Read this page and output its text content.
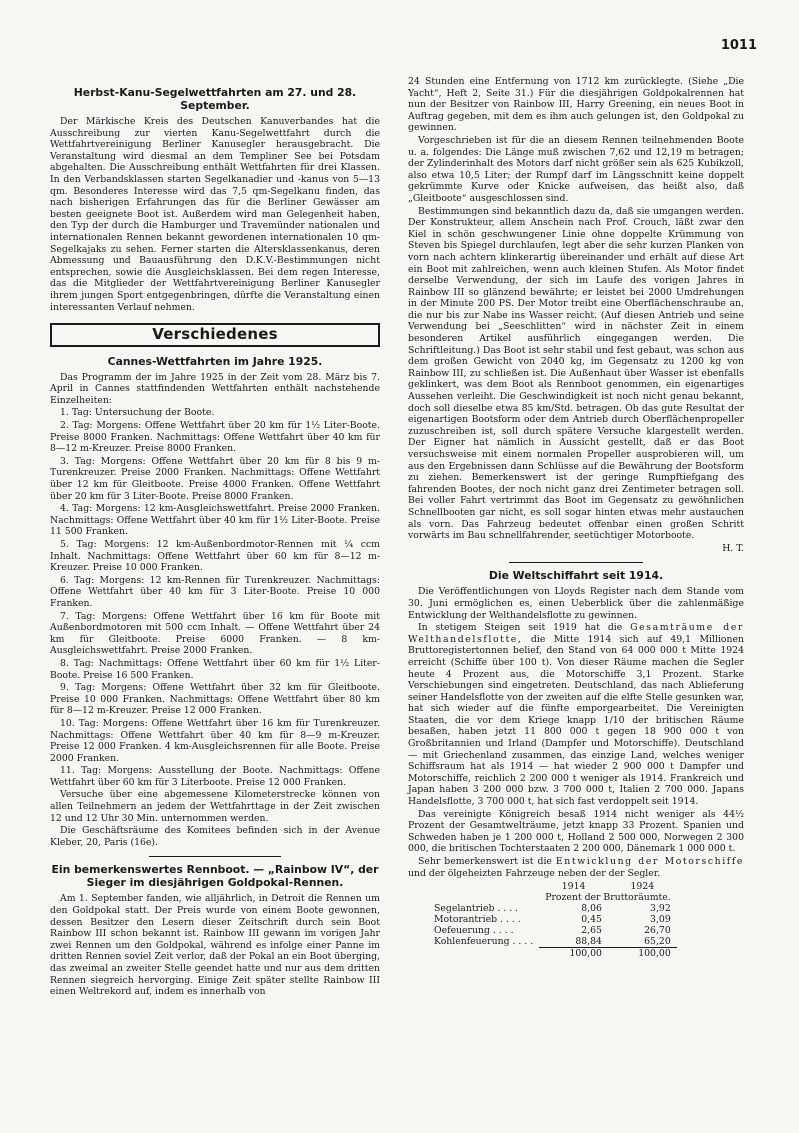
1011
Herbst-Kanu-Segelwettfahrten am 27. und 28. September.

Der Märkische Kreis des Deutschen Kanuverbandes hat die Ausschreibung zur vierten Kanu-Segelwettfahrt durch die Wettfahrtvereinigung Berliner Kanusegler herausgebracht. Die Veranstaltung wird diesmal an dem Templiner See bei Potsdam abgehalten. Die Ausschreibung enthält Wettfahrten für drei Klassen. In den Verbandsklassen starten Segelkanadier und -kanus von 5—13 qm. Besonderes Interesse wird das 7,5 qm-Segelkanu finden, das nach bisherigen Erfahrungen das für die Berliner Gewässer am besten geeignete Boot ist. Außerdem wird man Gelegenheit haben, den Typ der durch die Hamburger und Travemünder nationalen und internationalen Rennen bekannt gewordenen internationalen 10 qm-Segelkajaks zu sehen. Ferner starten die Altersklassenkanus, deren Abmessung und Bauausführung den D.K.V.-Bestimmungen nicht entsprechen, sowie die Ausgleichsklassen. Bei dem regen Interesse, das die Mitglieder der Wettfahrtvereinigung Berliner Kanusegler ihrem jungen Sport entgegenbringen, dürfte die Veranstaltung einen interessanten Verlauf nehmen.

Verschiedenes
Cannes-Wettfahrten im Jahre 1925.

Das Programm der im Jahre 1925 in der Zeit vom 28. März bis 7. April in Cannes stattfindenden Wettfahrten enthält nachstehende Einzelheiten:

1. Tag: Untersuchung der Boote.

2. Tag: Morgens: Offene Wettfahrt über 20 km für 1½ Liter-Boote. Preise 8000 Franken. Nachmittags: Offene Wettfahrt über 40 km für 8—12 m-Kreuzer. Preise 8000 Franken.

3. Tag: Morgens: Offene Wettfahrt über 20 km für 8 bis 9 m-Turenkreuzer. Preise 2000 Franken. Nachmittags: Offene Wettfahrt über 12 km für Gleitboote. Preise 4000 Franken. Offene Wettfahrt über 20 km für 3 Liter-Boote. Preise 8000 Franken.

4. Tag: Morgens: 12 km-Ausgleichswettfahrt. Preise 2000 Franken. Nachmittags: Offene Wettfahrt über 40 km für 1½ Liter-Boote. Preise 11 500 Franken.

5. Tag: Morgens: 12 km-Außenbordmotor-Rennen mit ¼ ccm Inhalt. Nachmittags: Offene Wettfahrt über 60 km für 8—12 m-Kreuzer. Preise 10 000 Franken.

6. Tag: Morgens: 12 km-Rennen für Turenkreuzer. Nachmittags: Offene Wettfahrt über 40 km für 3 Liter-Boote. Preise 10 000 Franken.

7. Tag: Morgens: Offene Wettfahrt über 16 km für Boote mit Außenbordmotoren mit 500 ccm Inhalt. — Offene Wettfahrt über 24 km für Gleitboote. Preise 6000 Franken. — 8 km-Ausgleichswettfahrt. Preise 2000 Franken.

8. Tag: Nachmittags: Offene Wettfahrt über 60 km für 1½ Liter-Boote. Preise 16 500 Franken.

9. Tag: Morgens: Offene Wettfahrt über 32 km für Gleitboote. Preise 10 000 Franken. Nachmittags: Offene Wettfahrt über 80 km für 8—12 m-Kreuzer. Preise 12 000 Franken.

10. Tag: Morgens: Offene Wettfahrt über 16 km für Turenkreuzer. Nachmittags: Offene Wettfahrt über 40 km für 8—9 m-Kreuzer. Preise 12 000 Franken. 4 km-Ausgleichsrennen für alle Boote. Preise 2000 Franken.

11. Tag: Morgens: Ausstellung der Boote. Nachmittags: Offene Wettfahrt über 60 km für 3 Literboote. Preise 12 000 Franken.

Versuche über eine abgemessene Kilometerstrecke können von allen Teilnehmern an jedem der Wettfahrttage in der Zeit zwischen 12 und 12 Uhr 30 Min. unternommen werden.

Die Geschäftsräume des Komitees befinden sich in der Avenue Kleber, 20, Paris (16e).

Ein bemerkenswertes Rennboot. — „Rainbow IV“, der Sieger im diesjährigen Goldpokal-Rennen.

Am 1. September fanden, wie alljährlich, in Detroit die Rennen um den Goldpokal statt. Der Preis wurde von einem Boote gewonnen, dessen Besitzer den Lesern dieser Zeitschrift durch sein Boot Rainbow III schon bekannt ist. Rainbow III gewann im vorigen Jahr zwei Rennen um den Goldpokal, während es infolge einer Panne im dritten Rennen soviel Zeit verlor, daß der Pokal an ein Boot überging, das zweimal an zweiter Stelle geendet hatte und nur aus dem dritten Rennen siegreich hervorging. Einige Zeit später stellte Rainbow III einen Weltrekord auf, indem es innerhalb von

24 Stunden eine Entfernung von 1712 km zurücklegte. (Siehe „Die Yacht“, Heft 2, Seite 31.) Für die diesjährigen Goldpokalrennen hat nun der Besitzer von Rainbow III, Harry Greening, ein neues Boot in Auftrag gegeben, mit dem es ihm auch gelungen ist, den Goldpokal zu gewinnen.

Vorgeschrieben ist für die an diesem Rennen teilnehmenden Boote u. a. folgendes: Die Länge muß zwischen 7,62 und 12,19 m betragen; der Zylinderinhalt des Motors darf nicht größer sein als 625 Kubikzoll, also etwa 10,5 Liter; der Rumpf darf im Längsschnitt keine doppelt gekrümmte Kurve oder Knicke aufweisen, das heißt also, daß „Gleitboote“ ausgeschlossen sind.

Bestimmungen sind bekanntlich dazu da, daß sie umgangen werden. Der Konstrukteur, allem Anschein nach Prof. Crouch, läßt zwar den Kiel in schön geschwungener Linie ohne doppelte Krümmung von Steven bis Spiegel durchlaufen, legt aber die sehr kurzen Planken von vorn nach achtern klinkerartig übereinander und erhält auf diese Art ein Boot mit zahlreichen, wenn auch kleinen Stufen. Als Motor findet derselbe Verwendung, der sich im Laufe des vorigen Jahres in Rainbow III so glänzend bewährte; er leistet bei 2000 Umdrehungen in der Minute 200 PS. Der Motor treibt eine Oberflächenschraube an, die nur bis zur Nabe ins Wasser reicht. (Auf diesen Antrieb und seine Verwendung bei „Seeschlitten“ wird in nächster Zeit in einem besonderen Artikel ausführlich eingegangen werden. Die Schriftleitung.) Das Boot ist sehr stabil und fest gebaut, was schon aus dem großen Gewicht von 2040 kg, im Gegensatz zu 1200 kg von Rainbow III, zu schließen ist. Die Außenhaut über Wasser ist ebenfalls geklinkert, was dem Boot als Rennboot genommen, ein eigenartiges Aussehen verleiht. Die Geschwindigkeit ist noch nicht genau bekannt, doch soll dieselbe etwa 85 km/Std. betragen. Ob das gute Resultat der eigenartigen Bootsform oder dem Antrieb durch Oberflächenpropeller zuzuschreiben ist, soll durch spätere Versuche klargestellt werden. Der Eigner hat nämlich in Aussicht gestellt, daß er das Boot versuchsweise mit einem normalen Propeller ausprobieren will, um aus den Ergebnissen dann Schlüsse auf die Bewährung der Bootsform zu ziehen. Bemerkenswert ist der geringe Rumpftiefgang des fahrenden Bootes, der noch nicht ganz drei Zentimeter betragen soll. Bei voller Fahrt vertrimmt das Boot im Gegensatz zu gewöhnlichen Schnellbooten gar nicht, es soll sogar hinten etwas mehr austauchen als vorn. Das Fahrzeug bedeutet offenbar einen großen Schritt vorwärts im Bau schnellfahrender, seetüchtiger Motorboote.

H. T.

Die Weltschiffahrt seit 1914.

Die Veröffentlichungen von Lloyds Register nach dem Stande vom 30. Juni ermöglichen es, einen Ueberblick über die zahlenmäßige Entwicklung der Welthandelsflotte zu gewinnen.

In stetigem Steigen seit 1919 hat die Gesamträume der Welthandelsflotte, die Mitte 1914 sich auf 49,1 Millionen Bruttoregistertonnen belief, den Stand von 64 000 000 t Mitte 1924 erreicht (Schiffe über 100 t). Von dieser Räume machen die Segler heute 4 Prozent aus, die Motorschiffe 3,1 Prozent. Starke Verschiebungen sind eingetreten. Deutschland, das nach Ablieferung seiner Handelsflotte von der zweiten auf die elfte Stelle gesunken war, hat sich wieder auf die fünfte emporgearbeitet. Die Vereinigten Staaten, die vor dem Kriege knapp 1/10 der britischen Räume besaßen, haben jetzt 11 800 000 t gegen 18 900 000 t von Großbritannien und Irland (Dampfer und Motorschiffe). Deutschland — mit Griechenland zusammen, das einzige Land, welches weniger Schiffsraum hat als 1914 — hat wieder 2 900 000 t Dampfer und Motorschiffe, reichlich 2 200 000 t weniger als 1914. Frankreich und Japan haben 3 200 000 bzw. 3 700 000 t, Italien 2 700 000. Japans Handelsflotte, 3 700 000 t, hat sich fast verdoppelt seit 1914.

Das vereinigte Königreich besaß 1914 nicht weniger als 44½ Prozent der Gesamtwelträume, jetzt knapp 33 Prozent. Spanien und Schweden haben je 1 200 000 t, Holland 2 500 000, Norwegen 2 300 000, die britischen Tochterstaaten 2 200 000, Dänemark 1 000 000 t.

Sehr bemerkenswert ist die Entwicklung der Motorschiffe und der ölgeheizten Fahrzeuge neben der der Segler.

	1914	1924
	Prozent der Bruttoräumte.	
Segelantrieb . . . .	8,06	3,92
Motorantrieb . . . .	0,45	3,09
Oefeuerung . . . .	2,65	26,70
Kohlenfeuerung . . . .	88,84	65,20
	100,00	100,00
